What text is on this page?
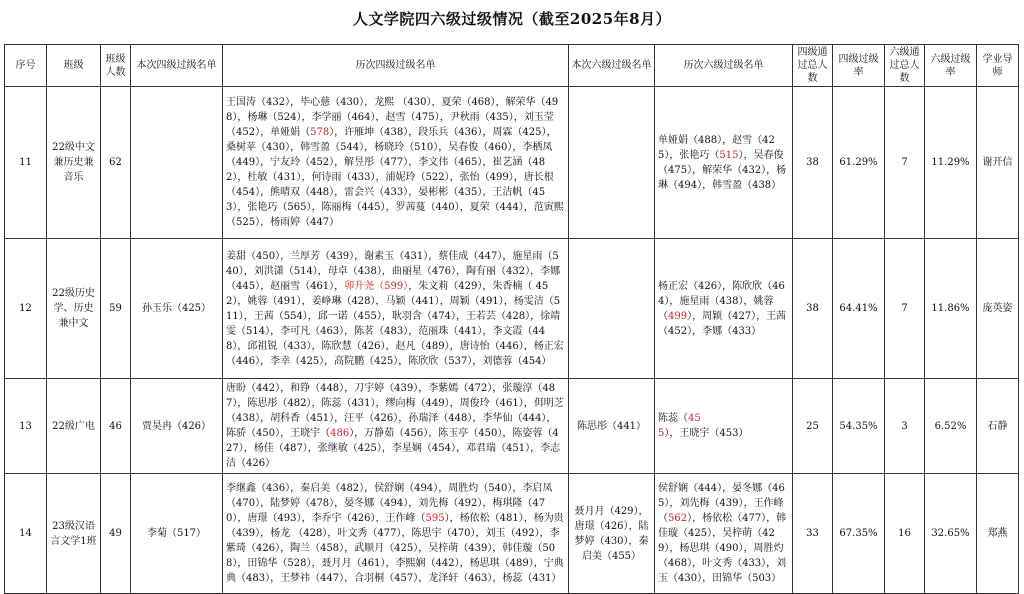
人文学院四六级过级情况（截至2025年8月）
序号	班级	班级人数	本次四级过级名单	历次四级过级名单	本次六级过级名单	历次六级过级名单	四级通过总人数	四级过级率	六级通过总人数	六级过级率	学业导师
11	22级中文兼历史兼音乐	62		王国涛（432），毕心慈（430），龙熙 （430），夏荣（468），解荣华（498），杨琳（524），李学丽（464），赵雪（475），尹秋雨（435），刘玉莹（452），单娅娟（578），许雁坤（438），段乐兵（436），周霖（425），桑树苹（430），韩雪盈（544），杨晓玲（510），吴春俊（460），李栖凤（449），宁友玲（452），解昱彤（477），李文伟（465），崔艺涵（482），杜敏（431），何诗雨（433），浦妮玲（522），张怡（499），唐长根（454），熊晴双（448），雷会兴（433），晏彬彬（435），王洁帆（453），张艳巧（565），陈丽梅（445），罗茜蔓（440），夏荣（444），范寅熙（525），杨雨婷（447）		单娅娟（488），赵雪（425），张艳巧（515），吴春俊（475），解荣华（432），杨琳（494），韩雪盈（438）	38	61.29%	7	11.29%	谢开信
12	22级历史学、历史兼中文	59	孙玉乐（425）	姜甜（450），兰厚芳（439），谢素玉（431），蔡佳成（447），施星雨（540），刘洪潇（514），母卓（438），曲丽星（476），陶有丽（432），李娜（445），赵丽雪（461），卯升尧（599），朱文莉（429），朱香楠（ 452），姚蓉（491），姜峥琳（428），马颖（441），周颖（491），杨雯洁（511），王茜（554），邱一诺（455），耿羽含（474），王若芸（428），徐靖雯（514），李可凡（463），陈茗（483），范丽珠（441），李文霞（448），邱祖锐（433），陈欣慧（426），赵凡（489），唐诗怡（446），杨正宏（446），李幸（425），高院鹏（425），陈欣欣（537），刘德蓉（454）		杨正宏（426），陈欣欣（464），施星雨（438），姚蓉 （499），周颖（427），王茜（452），李娜（433）	38	64.41%	7	11.86%	庞英姿
13	22级广电	46	贾昊冉（426）	唐盼（442），和铮（448），刀宇婷（439），李紫嫣（472），张璇淳（487），陈思彤（482），陈蕊（431），缪向梅（449），周俊玲（461），佴明芝（438），胡科香（451），汪平（426），孙瑞泽（448），李华仙（444），陈骄（450），王晓宇（486），万静茹（456），陈玉亭（450），陈姿蓉（427），杨佳（487），张继敏（425），李星娴（454），邓君瑞（451），李志洁（426）	陈思彤（441）	陈蕊（455），王晓宇（453）	25	54.35%	3	6.52%	石静
14	23级汉语言文学1班	49	李菊（517）	李继鑫（436），秦启美（482），侯舒娴（494），周胜灼（540），李启凤（470），陆梦婷（478），晏冬娜（494），刘先梅（492），梅琪隆（470），唐璟（493），李乔宇（426），王作峰（595），杨依松（481），杨为贵（439），杨龙 （428），叶文秀（477），陈思宇（470），刘玉（492），李紫琦（426），陶兰（458），武顺月（425），吴梓萌（439），韩佳璇（508），田锦华（528），聂月月（461），李熙娴（442），杨思琪（489），宁典典（483），王梦祎（447），合羽桐（457），龙泽轩（463），杨蕊（431）	聂月月（429），唐璟（426），陆梦婷（430），秦启美（455）	侯舒娴（444），晏冬娜（465），刘先梅（439），王作峰（562），杨依松（477），韩佳璇（425），吴梓萌（429），杨思琪（490），周胜灼（468），叶文秀（433），刘玉（430），田锦华（503）	33	67.35%	16	32.65%	郑燕
